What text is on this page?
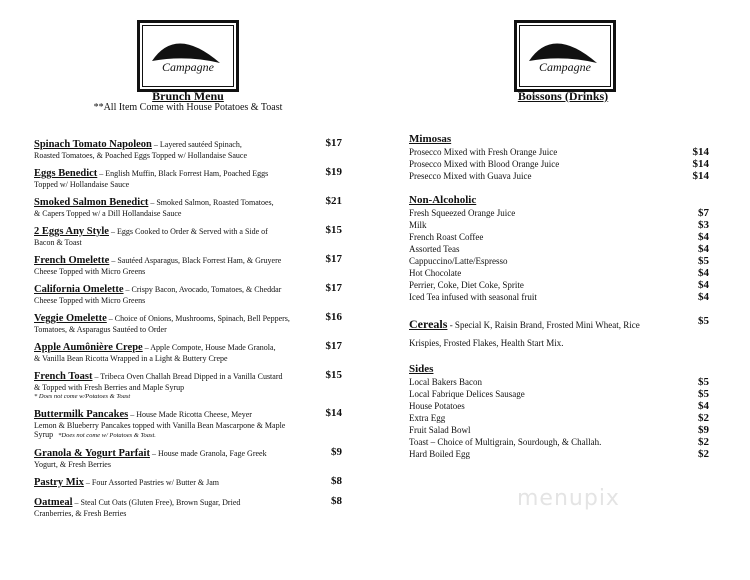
Campagne	Campagne
Brunch Menu
**All Item Come with House Potatoes & Toast
Boissons (Drinks)
Spinach Tomato Napoleon – Layered sautéed Spinach,
Roasted Tomatoes, & Poached Eggs Topped w/ Hollandaise Sauce
$17
Eggs Benedict – English Muffin, Black Forrest Ham, Poached Eggs
Topped w/ Hollandaise Sauce
$19
Smoked Salmon Benedict – Smoked Salmon, Roasted Tomatoes,
& Capers Topped w/ a Dill Hollandaise Sauce
$21
2 Eggs Any Style – Eggs Cooked to Order & Served with a Side of
Bacon & Toast
$15
French Omelette – Sautéed Asparagus, Black Forrest Ham, & Gruyere
Cheese Topped with Micro Greens
$17
California Omelette – Crispy Bacon, Avocado, Tomatoes, & Cheddar
Cheese Topped with Micro Greens
$17
Veggie Omelette – Choice of Onions, Mushrooms, Spinach, Bell Peppers,
Tomatoes, & Asparagus Sautéed to Order
$16
Apple Aumônière Crepe – Apple Compote, House Made Granola,
& Vanilla Bean Ricotta Wrapped in a Light & Buttery Crepe
$17
French Toast – Tribeca Oven Challah Bread Dipped in a Vanilla Custard
& Topped with Fresh Berries and Maple Syrup
* Does not come w/Potatoes & Toast
$15
Buttermilk Pancakes – House Made Ricotta Cheese, Meyer
Lemon & Blueberry Pancakes topped with Vanilla Bean Mascarpone & Maple Syrup *Does not come w/ Potatoes & Toast.
$14
Granola & Yogurt Parfait – House made Granola, Fage Greek
Yogurt, & Fresh Berries
$9
Pastry Mix – Four Assorted Pastries w/ Butter & Jam	$8
Oatmeal – Steal Cut Oats (Gluten Free), Brown Sugar, Dried
Cranberries, & Fresh Berries
$8
Mimosas
Prosecco Mixed with Fresh Orange Juice	$14
Prosecco Mixed with Blood Orange Juice	$14
Presecco Mixed with Guava Juice	$14
Non-Alcoholic
Fresh Squeezed Orange Juice	$7
Milk	$3
French Roast Coffee	$4
Assorted Teas	$4
Cappuccino/Latte/Espresso	$5
Hot Chocolate	$4
Perrier, Coke, Diet Coke, Sprite	$4
Iced Tea infused with seasonal fruit	$4
Cereals - Special K, Raisin Brand, Frosted Mini Wheat, Rice Krispies, Frosted Flakes, Health Start Mix.
$5
Sides
Local Bakers Bacon	$5
Local Fabrique Delices Sausage	$5
House Potatoes	$4
Extra Egg	$2
Fruit Salad Bowl	$9
Toast – Choice of Multigrain, Sourdough, & Challah.	$2
Hard Boiled Egg	$2
menupix
